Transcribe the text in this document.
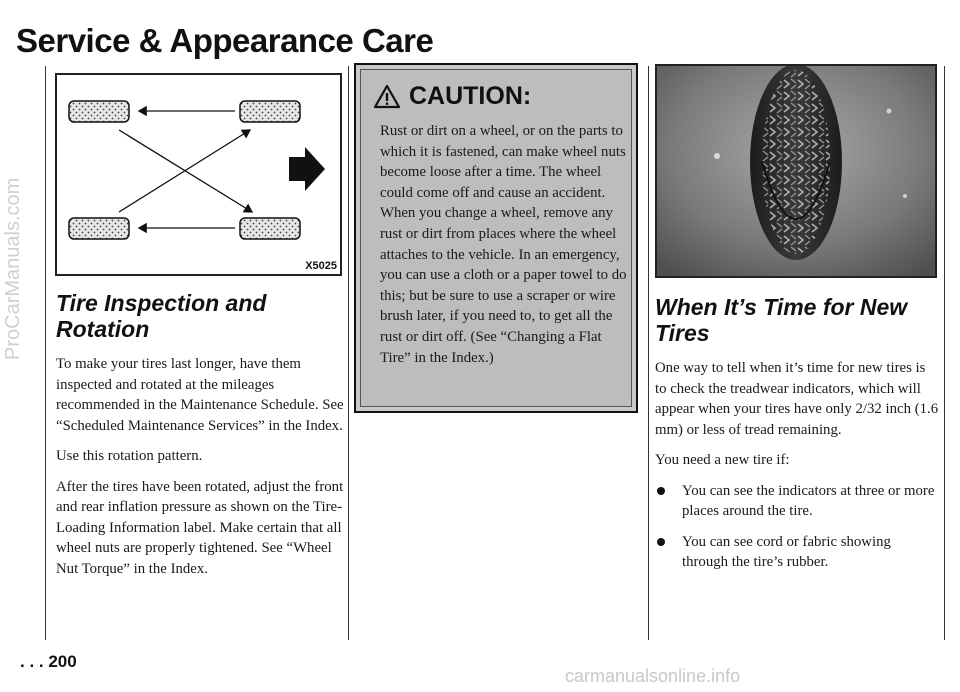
Service & Appearance Care
X5025
Tire Inspection and Rotation

To make your tires last longer, have them inspected and rotated at the mileages recommended in the Maintenance Schedule. See “Scheduled Maintenance Services” in the Index.

Use this rotation pattern.

After the tires have been rotated, adjust the front and rear inflation pressure as shown on the Tire-Loading Information label. Make certain that all wheel nuts are properly tightened. See “Wheel Nut Torque” in the Index.

CAUTION:

Rust or dirt on a wheel, or on the parts to which it is fastened, can make wheel nuts become loose after a time. The wheel could come off and cause an accident. When you change a wheel, remove any rust or dirt from places where the wheel attaches to the vehicle. In an emergency, you can use a cloth or a paper towel to do this; but be sure to use a scraper or wire brush later, if you need to, to get all the rust or dirt off. (See “Changing a Flat Tire” in the Index.)

When It’s Time for New Tires

One way to tell when it’s time for new tires is to check the treadwear indicators, which will appear when your tires have only 2/32 inch (1.6 mm) or less of tread remaining.

You need a new tire if:

You can see the indicators at three or more places around the tire.
You can see cord or fabric showing through the tire’s rubber.
. . . 200
ProCarManuals.com
carmanualsonline.info
